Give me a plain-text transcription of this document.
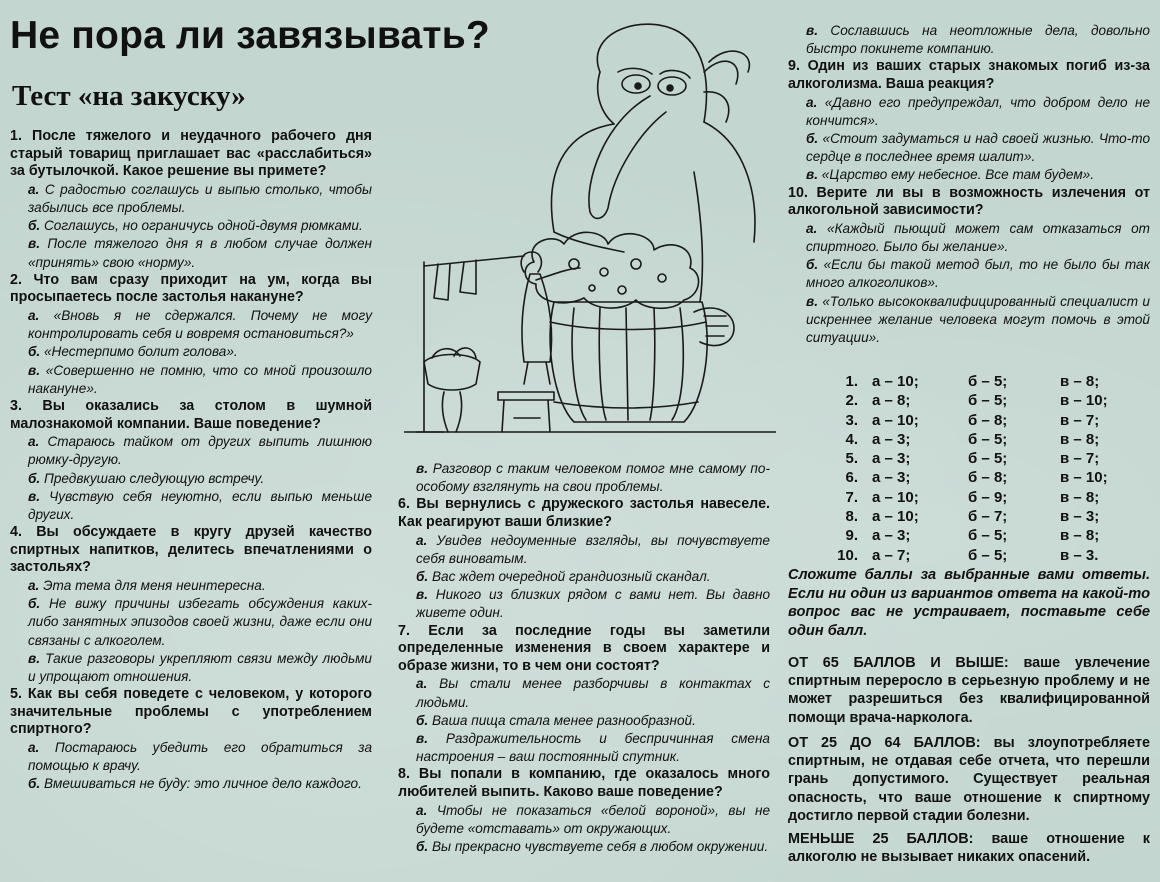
Не пора ли завязывать?
Тест «на закуску»

1. После тяжелого и неудачного рабочего дня старый товарищ приглашает вас «расслабиться» за бутылочкой. Какое решение вы примете?

а. С радостью соглашусь и выпью столько, чтобы забылись все проблемы.

б. Соглашусь, но ограничусь одной-двумя рюмками.

в. После тяжелого дня я в любом случае должен «принять» свою «норму».

2. Что вам сразу приходит на ум, когда вы просыпаетесь после застолья накануне?

а. «Вновь я не сдержался. Почему не могу контролировать себя и вовремя остановиться?»

б. «Нестерпимо болит голова».

в. «Совершенно не помню, что со мной произошло накануне».

3. Вы оказались за столом в шумной малознакомой компании. Ваше поведение?

а. Стараюсь тайком от других выпить лишнюю рюмку-другую.

б. Предвкушаю следующую встречу.

в. Чувствую себя неуютно, если выпью меньше других.

4. Вы обсуждаете в кругу друзей качество спиртных напитков, делитесь впечатлениями о застольях?

а. Эта тема для меня неинтересна.

б. Не вижу причины избегать обсуждения каких-либо занятных эпизодов своей жизни, даже если они связаны с алкоголем.

в. Такие разговоры укрепляют связи между людьми и упрощают отношения.

5. Как вы себя поведете с человеком, у которого значительные проблемы с употреблением спиртного?

а. Постараюсь убедить его обратиться за помощью к врачу.

б. Вмешиваться не буду: это личное дело каждого.

в. Разговор с таким человеком помог мне самому по-особому взглянуть на свои проблемы.

6. Вы вернулись с дружеского застолья навеселе. Как реагируют ваши близкие?

а. Увидев недоуменные взгляды, вы почувствуете себя виноватым.

б. Вас ждет очередной грандиозный скандал.

в. Никого из близких рядом с вами нет. Вы давно живете один.

7. Если за последние годы вы заметили определенные изменения в своем характере и образе жизни, то в чем они состоят?

а. Вы стали менее разборчивы в контактах с людьми.

б. Ваша пища стала менее разнообразной.

в. Раздражительность и беспричинная смена настроения – ваш постоянный спутник.

8. Вы попали в компанию, где оказалось много любителей выпить. Каково ваше поведение?

а. Чтобы не показаться «белой вороной», вы не будете «отставать» от окружающих.

б. Вы прекрасно чувствуете себя в любом окружении.

в. Сославшись на неотложные дела, довольно быстро покинете компанию.

9. Один из ваших старых знакомых погиб из-за алкоголизма. Ваша реакция?

а. «Давно его предупреждал, что добром дело не кончится».

б. «Стоит задуматься и над своей жизнью. Что-то сердце в последнее время шалит».

в. «Царство ему небесное. Все там будем».

10. Верите ли вы в возможность излечения от алкогольной зависимости?

а. «Каждый пьющий может сам отказаться от спиртного. Было бы желание».

б. «Если бы такой метод был, то не было бы так много алкоголиков».

в. «Только высококвалифицированный специалист и искреннее желание человека могут помочь в этой ситуации».

1.	а – 10;	б – 5;	в – 8;
2.	а – 8;	б – 5;	в – 10;
3.	а – 10;	б – 8;	в – 7;
4.	а – 3;	б – 5;	в – 8;
5.	а – 3;	б – 5;	в – 7;
6.	а – 3;	б – 8;	в – 10;
7.	а – 10;	б – 9;	в – 8;
8.	а – 10;	б – 7;	в – 3;
9.	а – 3;	б – 5;	в – 8;
10.	а – 7;	б – 5;	в – 3.

Сложите баллы за выбранные вами ответы. Если ни один из вариантов ответа на какой-то вопрос вас не устраивает, поставьте себе один балл.

ОТ 65 БАЛЛОВ И ВЫШЕ: ваше увлечение спиртным переросло в серьезную проблему и не может разрешиться без квалифицированной помощи врача-нарколога.

ОТ 25 ДО 64 БАЛЛОВ: вы злоупотребляете спиртным, не отдавая себе отчета, что перешли грань допустимого. Существует реальная опасность, что ваше отношение к спиртному достигло первой стадии болезни.

МЕНЬШЕ 25 БАЛЛОВ: ваше отношение к алкоголю не вызывает никаких опасений.
